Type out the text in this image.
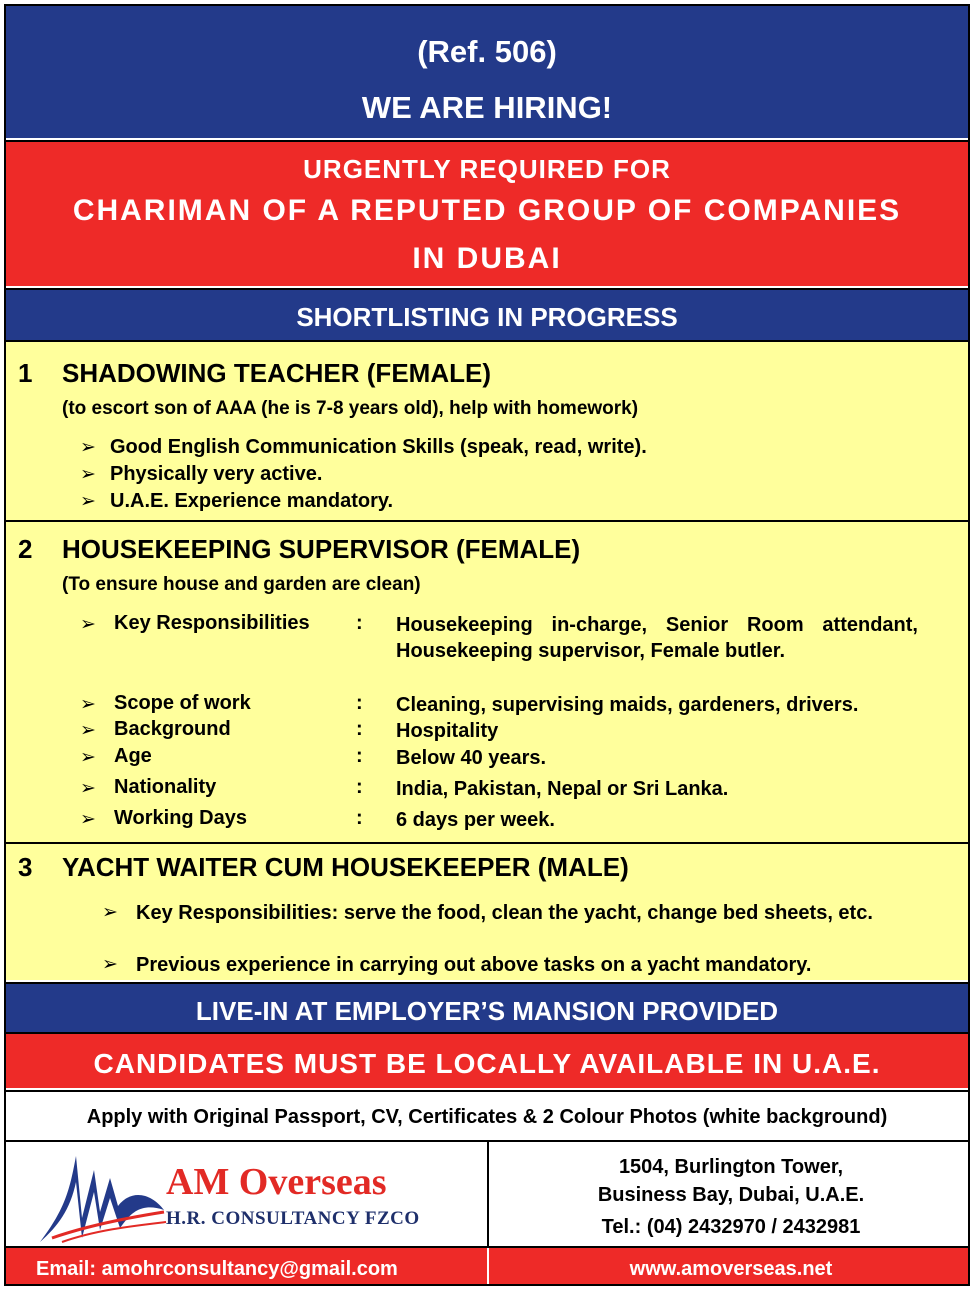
(Ref. 506)
WE ARE HIRING!
URGENTLY REQUIRED FOR
CHARIMAN OF A REPUTED GROUP OF COMPANIES
IN DUBAI
SHORTLISTING IN PROGRESS
1 SHADOWING TEACHER (FEMALE)
(to escort son of AAA (he is 7-8 years old), help with homework)
➢ Good English Communication Skills (speak, read, write).
➢ Physically very active.
➢ U.A.E. Experience mandatory.
2 HOUSEKEEPING SUPERVISOR (FEMALE)
(To ensure house and garden are clean)
➢ Key Responsibilities : Housekeeping in-charge, Senior Room attendant, Housekeeping supervisor, Female butler.
➢ Scope of work	: Cleaning, supervising maids, gardeners, drivers.
➢ Background	: Hospitality
➢ Age	: Below 40 years.
➢ Nationality	: India, Pakistan, Nepal or Sri Lanka.
➢ Working Days	: 6 days per week.
3 YACHT WAITER CUM HOUSEKEEPER (MALE)
➢ Key Responsibilities: serve the food, clean the yacht, change bed sheets, etc.
➢ Previous experience in carrying out above tasks on a yacht mandatory.
LIVE-IN AT EMPLOYER’S MANSION PROVIDED
CANDIDATES MUST BE LOCALLY AVAILABLE IN U.A.E.
Apply with Original Passport, CV, Certificates & 2 Colour Photos (white background)
AM Overseas
H.R. CONSULTANCY FZCO
1504, Burlington Tower,
Business Bay, Dubai, U.A.E.
Tel.: (04) 2432970 / 2432981
Email: amohrconsultancy@gmail.com	www.amoverseas.net
